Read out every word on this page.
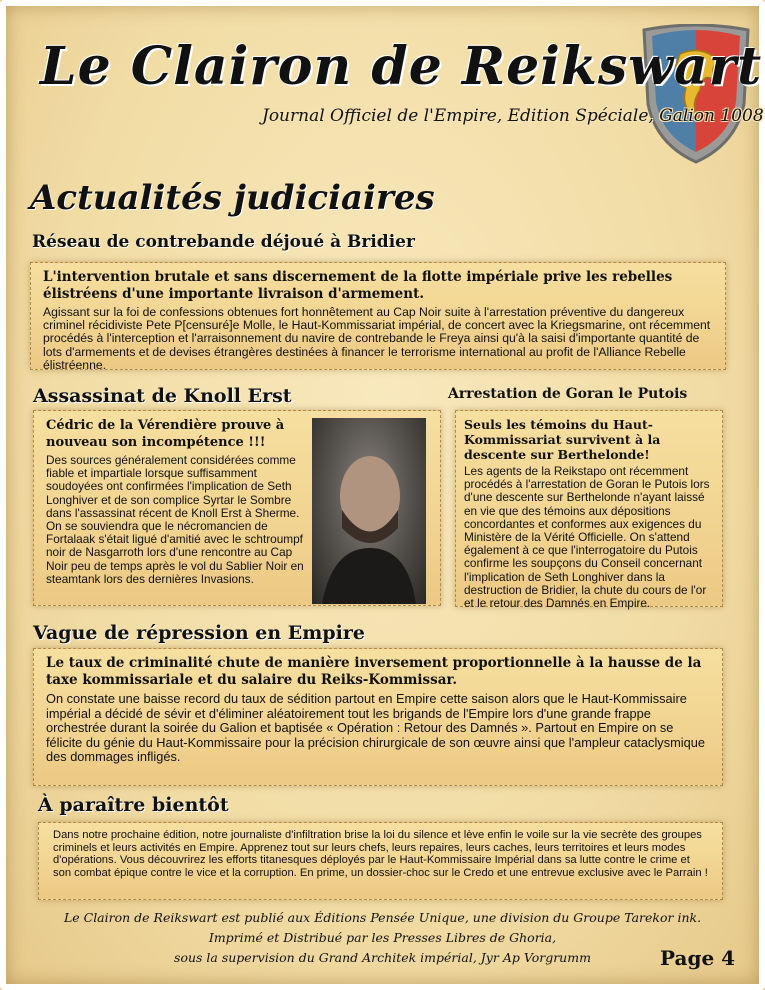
Le Clairon de Reikswart
Journal Officiel de l'Empire, Edition Spéciale, Galion 1008
Actualités judiciaires
Réseau de contrebande déjoué à Bridier
L'intervention brutale et sans discernement de la flotte impériale prive les rebelles élistréens d'une importante livraison d'armement.
Agissant sur la foi de confessions obtenues fort honnêtement au Cap Noir suite à l'arrestation préventive du dangereux criminel récidiviste Pete P[censuré]e Molle, le Haut-Kommissariat impérial, de concert avec la Kriegsmarine, ont récemment procédés à l'interception et l'arraisonnement du navire de contrebande le Freya ainsi qu'à la saisi d'importante quantité de lots d'armements et de devises étrangères destinées à financer le terrorisme international au profit de l'Alliance Rebelle élistréenne.
Assassinat de Knoll Erst
Cédric de la Vérendière prouve à nouveau son incompétence !!!
Des sources généralement considérées comme fiable et impartiale lorsque suffisamment soudoyées ont confirmées l'implication de Seth Longhiver et de son complice Syrtar le Sombre dans l'assassinat récent de Knoll Erst à Sherme. On se souviendra que le nécromancien de Fortalaak s'était ligué d'amitié avec le schtroumpf noir de Nasgarroth lors d'une rencontre au Cap Noir peu de temps après le vol du Sablier Noir en steamtank lors des dernières Invasions.
Arrestation de Goran le Putois
Seuls les témoins du Haut-Kommissariat survivent à la descente sur Berthelonde!
Les agents de la Reikstapo ont récemment procédés à l'arrestation de Goran le Putois lors d'une descente sur Berthelonde n'ayant laissé en vie que des témoins aux dépositions concordantes et conformes aux exigences du Ministère de la Vérité Officielle. On s'attend également à ce que l'interrogatoire du Putois confirme les soupçons du Conseil concernant l'implication de Seth Longhiver dans la destruction de Bridier, la chute du cours de l'or et le retour des Damnés en Empire.
Vague de répression en Empire
Le taux de criminalité chute de manière inversement proportionnelle à la hausse de la taxe kommissariale et du salaire du Reiks-Kommissar.
On constate une baisse record du taux de sédition partout en Empire cette saison alors que le Haut-Kommissaire impérial a décidé de sévir et d'éliminer aléatoirement tout les brigands de l'Empire lors d'une grande frappe orchestrée durant la soirée du Galion et baptisée « Opération : Retour des Damnés ». Partout en Empire on se félicite du génie du Haut-Kommissaire pour la précision chirurgicale de son œuvre ainsi que l'ampleur cataclysmique des dommages infligés.
À paraître bientôt
Dans notre prochaine édition, notre journaliste d'infiltration brise la loi du silence et lève enfin le voile sur la vie secrète des groupes criminels et leurs activités en Empire. Apprenez tout sur leurs chefs, leurs repaires, leurs caches, leurs territoires et leurs modes d'opérations. Vous découvrirez les efforts titanesques déployés par le Haut-Kommissaire Impérial dans sa lutte contre le crime et son combat épique contre le vice et la corruption. En prime, un dossier-choc sur le Credo et une entrevue exclusive avec le Parrain !
Le Clairon de Reikswart est publié aux Éditions Pensée Unique, une division du Groupe Tarekor ink.
Imprimé et Distribué par les Presses Libres de Ghoria,
sous la supervision du Grand Architek impérial, Jyr Ap Vorgrumm	Page 4
